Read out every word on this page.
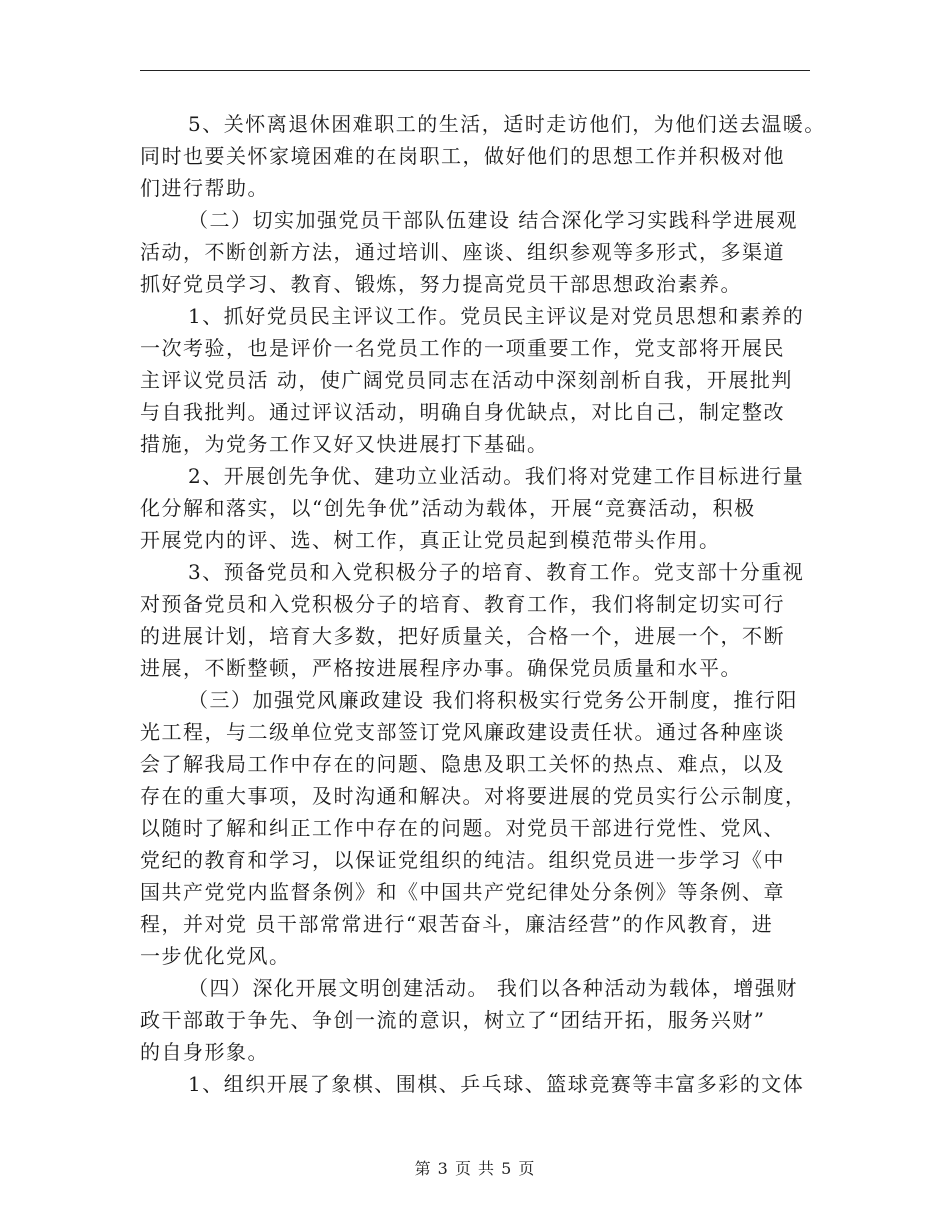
5、关怀离退休困难职工的生活，适时走访他们，为他们送去温暖。
同时也要关怀家境困难的在岗职工，做好他们的思想工作并积极对他
们进行帮助。
（二）切实加强党员干部队伍建设 结合深化学习实践科学进展观
活动，不断创新方法，通过培训、座谈、组织参观等多形式，多渠道
抓好党员学习、教育、锻炼，努力提高党员干部思想政治素养。
1、抓好党员民主评议工作。党员民主评议是对党员思想和素养的
一次考验，也是评价一名党员工作的一项重要工作，党支部将开展民
主评议党员活 动，使广阔党员同志在活动中深刻剖析自我，开展批判
与自我批判。通过评议活动，明确自身优缺点，对比自己，制定整改
措施，为党务工作又好又快进展打下基础。
2、开展创先争优、建功立业活动。我们将对党建工作目标进行量
化分解和落实，以“创先争优”活动为载体，开展“竞赛活动，积极
开展党内的评、选、树工作，真正让党员起到模范带头作用。
3、预备党员和入党积极分子的培育、教育工作。党支部十分重视
对预备党员和入党积极分子的培育、教育工作，我们将制定切实可行
的进展计划，培育大多数，把好质量关，合格一个，进展一个，不断
进展，不断整顿，严格按进展程序办事。确保党员质量和水平。
（三）加强党风廉政建设 我们将积极实行党务公开制度，推行阳
光工程，与二级单位党支部签订党风廉政建设责任状。通过各种座谈
会了解我局工作中存在的问题、隐患及职工关怀的热点、难点，以及
存在的重大事项，及时沟通和解决。对将要进展的党员实行公示制度，
以随时了解和纠正工作中存在的问题。对党员干部进行党性、党风、
党纪的教育和学习，以保证党组织的纯洁。组织党员进一步学习《中
国共产党党内监督条例》和《中国共产党纪律处分条例》等条例、章
程，并对党 员干部常常进行“艰苦奋斗，廉洁经营”的作风教育，进
一步优化党风。
（四）深化开展文明创建活动。 我们以各种活动为载体，增强财
政干部敢于争先、争创一流的意识，树立了“团结开拓，服务兴财”
的自身形象。
1、组织开展了象棋、围棋、乒乓球、篮球竞赛等丰富多彩的文体
第 3 页 共 5 页
